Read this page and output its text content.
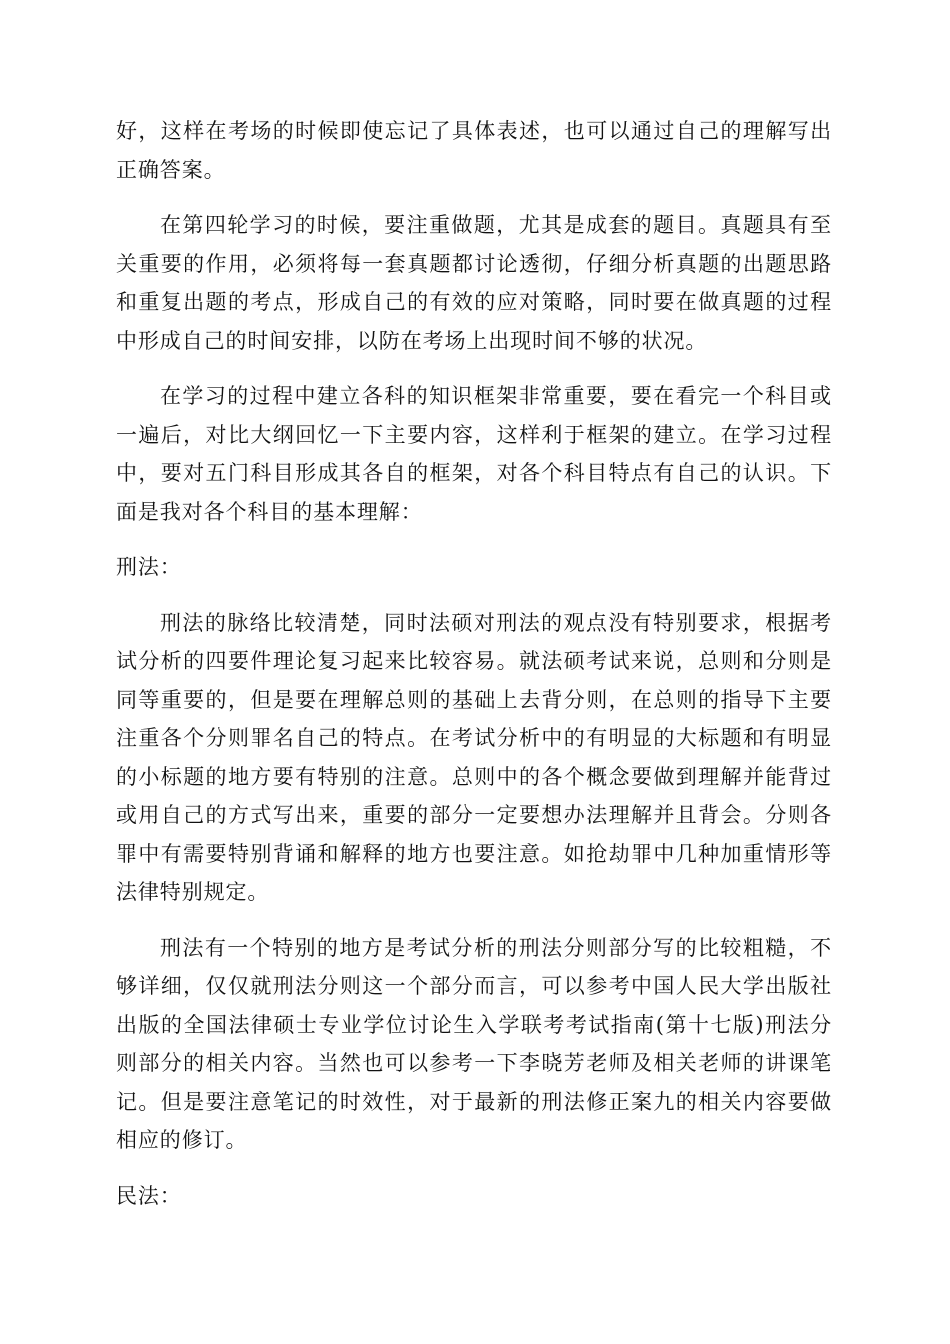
好，这样在考场的时候即使忘记了具体表述，也可以通过自己的理解写出正确答案。

在第四轮学习的时候，要注重做题，尤其是成套的题目。真题具有至关重要的作用，必须将每一套真题都讨论透彻，仔细分析真题的出题思路和重复出题的考点，形成自己的有效的应对策略，同时要在做真题的过程中形成自己的时间安排，以防在考场上出现时间不够的状况。

在学习的过程中建立各科的知识框架非常重要，要在看完一个科目或一遍后，对比大纲回忆一下主要内容，这样利于框架的建立。在学习过程中，要对五门科目形成其各自的框架，对各个科目特点有自己的认识。下面是我对各个科目的基本理解：

刑法：

刑法的脉络比较清楚，同时法硕对刑法的观点没有特别要求，根据考试分析的四要件理论复习起来比较容易。就法硕考试来说，总则和分则是同等重要的，但是要在理解总则的基础上去背分则，在总则的指导下主要注重各个分则罪名自己的特点。在考试分析中的有明显的大标题和有明显的小标题的地方要有特别的注意。总则中的各个概念要做到理解并能背过或用自己的方式写出来，重要的部分一定要想办法理解并且背会。分则各罪中有需要特别背诵和解释的地方也要注意。如抢劫罪中几种加重情形等法律特别规定。

刑法有一个特别的地方是考试分析的刑法分则部分写的比较粗糙，不够详细，仅仅就刑法分则这一个部分而言，可以参考中国人民大学出版社出版的全国法律硕士专业学位讨论生入学联考考试指南(第十七版)刑法分则部分的相关内容。当然也可以参考一下李晓芳老师及相关老师的讲课笔记。但是要注意笔记的时效性，对于最新的刑法修正案九的相关内容要做相应的修订。

民法：
